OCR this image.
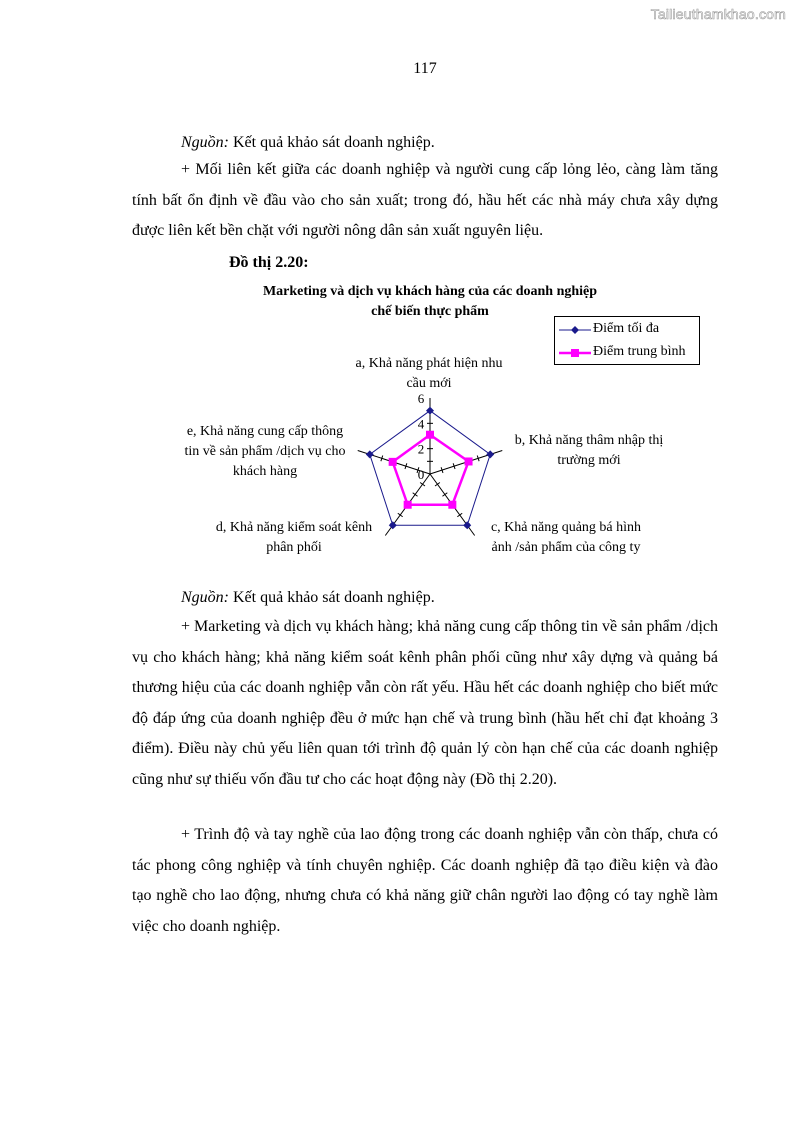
Tailieuthamkhao.com
117

Nguồn: Kết quả khảo sát doanh nghiệp.

+ Mối liên kết giữa các doanh nghiệp và người cung cấp lỏng lẻo, càng làm tăng tính bất ổn định về đầu vào cho sản xuất; trong đó, hầu hết các nhà máy chưa xây dựng được liên kết bền chặt với người nông dân sản xuất nguyên liệu.

Đồ thị 2.20:
Marketing và dịch vụ khách hàng của các doanh nghiệp
chế biến thực phẩm
0
2
4
6
a, Khả năng phát hiện nhu
cầu mới
b, Khả năng thâm nhập thị
trường mới
c, Khả năng quảng bá hình
ảnh /sản phẩm của công ty
d, Khả năng kiểm soát kênh
phân phối
e, Khả năng cung cấp thông
tin về sản phẩm /dịch vụ cho
khách hàng
Điểm tối đa
Điểm trung bình

Nguồn: Kết quả khảo sát doanh nghiệp.

+ Marketing và dịch vụ khách hàng; khả năng cung cấp thông tin về sản phẩm /dịch vụ cho khách hàng; khả năng kiểm soát kênh phân phối cũng như xây dựng và quảng bá thương hiệu của các doanh nghiệp vẫn còn rất yếu. Hầu hết các doanh nghiệp cho biết mức độ đáp ứng của doanh nghiệp đều ở mức hạn chế và trung bình (hầu hết chỉ đạt khoảng 3 điểm). Điều này chủ yếu liên quan tới trình độ quản lý còn hạn chế của các doanh nghiệp cũng như sự thiếu vốn đầu tư cho các hoạt động này (Đồ thị 2.20).

+ Trình độ và tay nghề của lao động trong các doanh nghiệp vẫn còn thấp, chưa có tác phong công nghiệp và tính chuyên nghiệp. Các doanh nghiệp đã tạo điều kiện và đào tạo nghề cho lao động, nhưng chưa có khả năng giữ chân người lao động có tay nghề làm việc cho doanh nghiệp.
